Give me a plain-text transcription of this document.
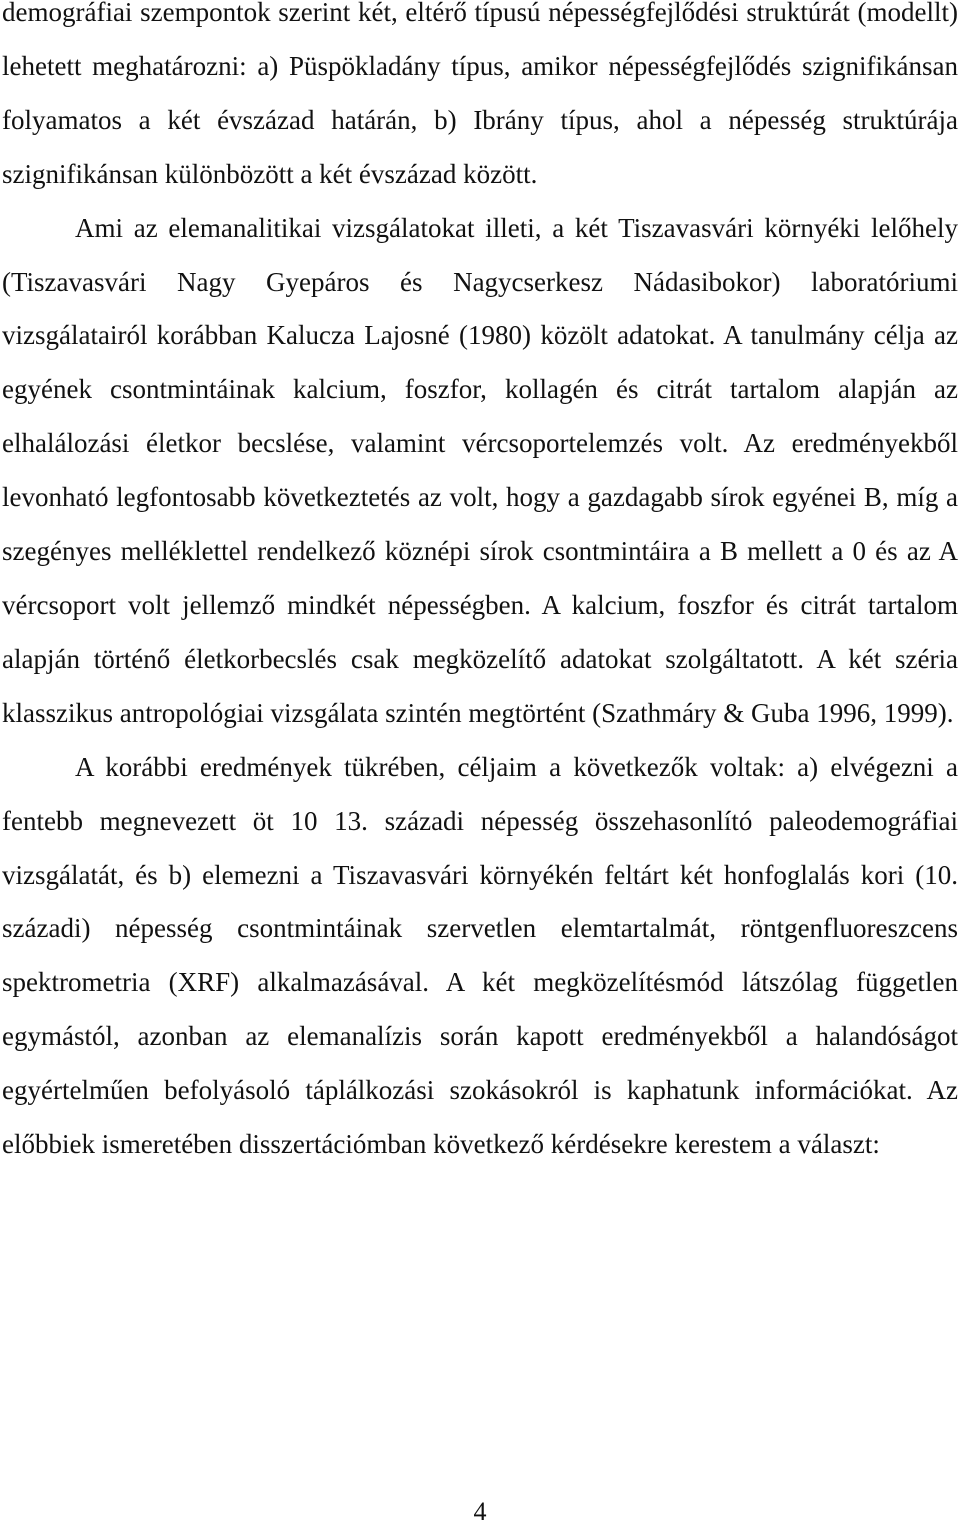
demográfiai szempontok szerint két, eltérő típusú népességfejlődési struktúrát (modellt) lehetett meghatározni: a) Püspökladány típus, amikor népességfejlődés szignifikánsan folyamatos a két évszázad határán, b) Ibrány típus, ahol a népesség struktúrája szignifikánsan különbözött a két évszázad között.

Ami az elemanalitikai vizsgálatokat illeti, a két Tiszavasvári környéki lelőhely (Tiszavasvári Nagy Gyepáros és Nagycserkesz Nádasibokor) laboratóriumi vizsgálatairól korábban Kalucza Lajosné (1980) közölt adatokat. A tanulmány célja az egyének csontmintáinak kalcium, foszfor, kollagén és citrát tartalom alapján az elhalálozási életkor becslése, valamint vércsoportelemzés volt. Az eredményekből levonható legfontosabb következtetés az volt, hogy a gazdagabb sírok egyénei B, míg a szegényes melléklettel rendelkező köznépi sírok csontmintáira a B mellett a 0 és az A vércsoport volt jellemző mindkét népességben. A kalcium, foszfor és citrát tartalom alapján történő életkorbecslés csak megközelítő adatokat szolgáltatott. A két széria klasszikus antropológiai vizsgálata szintén megtörtént (Szathmáry & Guba 1996, 1999).

A korábbi eredmények tükrében, céljaim a következők voltak: a) elvégezni a fentebb megnevezett öt 10 13. századi népesség összehasonlító paleodemográfiai vizsgálatát, és b) elemezni a Tiszavasvári környékén feltárt két honfoglalás kori (10. századi) népesség csontmintáinak szervetlen elemtartalmát, röntgenfluoreszcens spektrometria (XRF) alkalmazásával. A két megközelítésmód látszólag független egymástól, azonban az elemanalízis során kapott eredményekből a halandóságot egyértelműen befolyásoló táplálkozási szokásokról is kaphatunk információkat. Az előbbiek ismeretében disszertációmban következő kérdésekre kerestem a választ:

4
